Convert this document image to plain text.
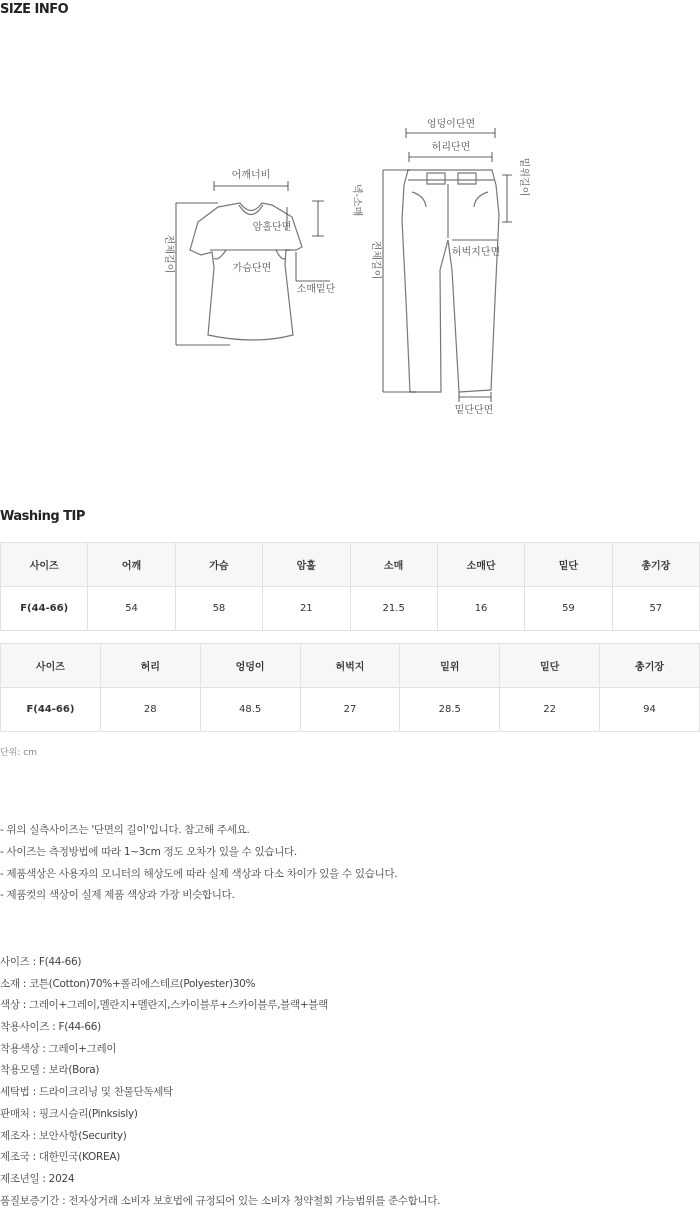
SIZE INFO
어깨너비
암홀단면
넥-소매
가슴단면
소매밑단
전체길이
엉덩이단면
허리단면
밑위길이
허벅지단면
전체길이
밑단단면
Washing TIP
사이즈	어깨	가슴	암홀	소매	소매단	밑단	총기장
F(44-66)	54	58	21	21.5	16	59	57
사이즈	허리	엉덩이	허벅지	밑위	밑단	총기장
F(44-66)	28	48.5	27	28.5	22	94
단위: cm
- 위의 실측사이즈는 '단면의 길이'입니다. 참고해 주세요.
- 사이즈는 측정방법에 따라 1~3cm 정도 오차가 있을 수 있습니다.
- 제품색상은 사용자의 모니터의 해상도에 따라 실제 색상과 다소 차이가 있을 수 있습니다.
- 제품컷의 색상이 실제 제품 색상과 가장 비슷합니다.
사이즈 : F(44-66)
소재 : 코튼(Cotton)70%+폴리에스테르(Polyester)30%
색상 : 그레이+그레이,멜란지+멜란지,스카이블루+스카이블루,블랙+블랙
착용사이즈 : F(44-66)
착용색상 : 그레이+그레이
착용모델 : 보라(Bora)
세탁법 : 드라이크리닝 및 찬물단독세탁
판매처 : 핑크시슬리(Pinksisly)
제조자 : 보안사항(Security)
제조국 : 대한민국(KOREA)
제조년일 : 2024
품질보증기간 : 전자상거래 소비자 보호법에 규정되어 있는 소비자 청약철회 가능범위를 준수합니다.
